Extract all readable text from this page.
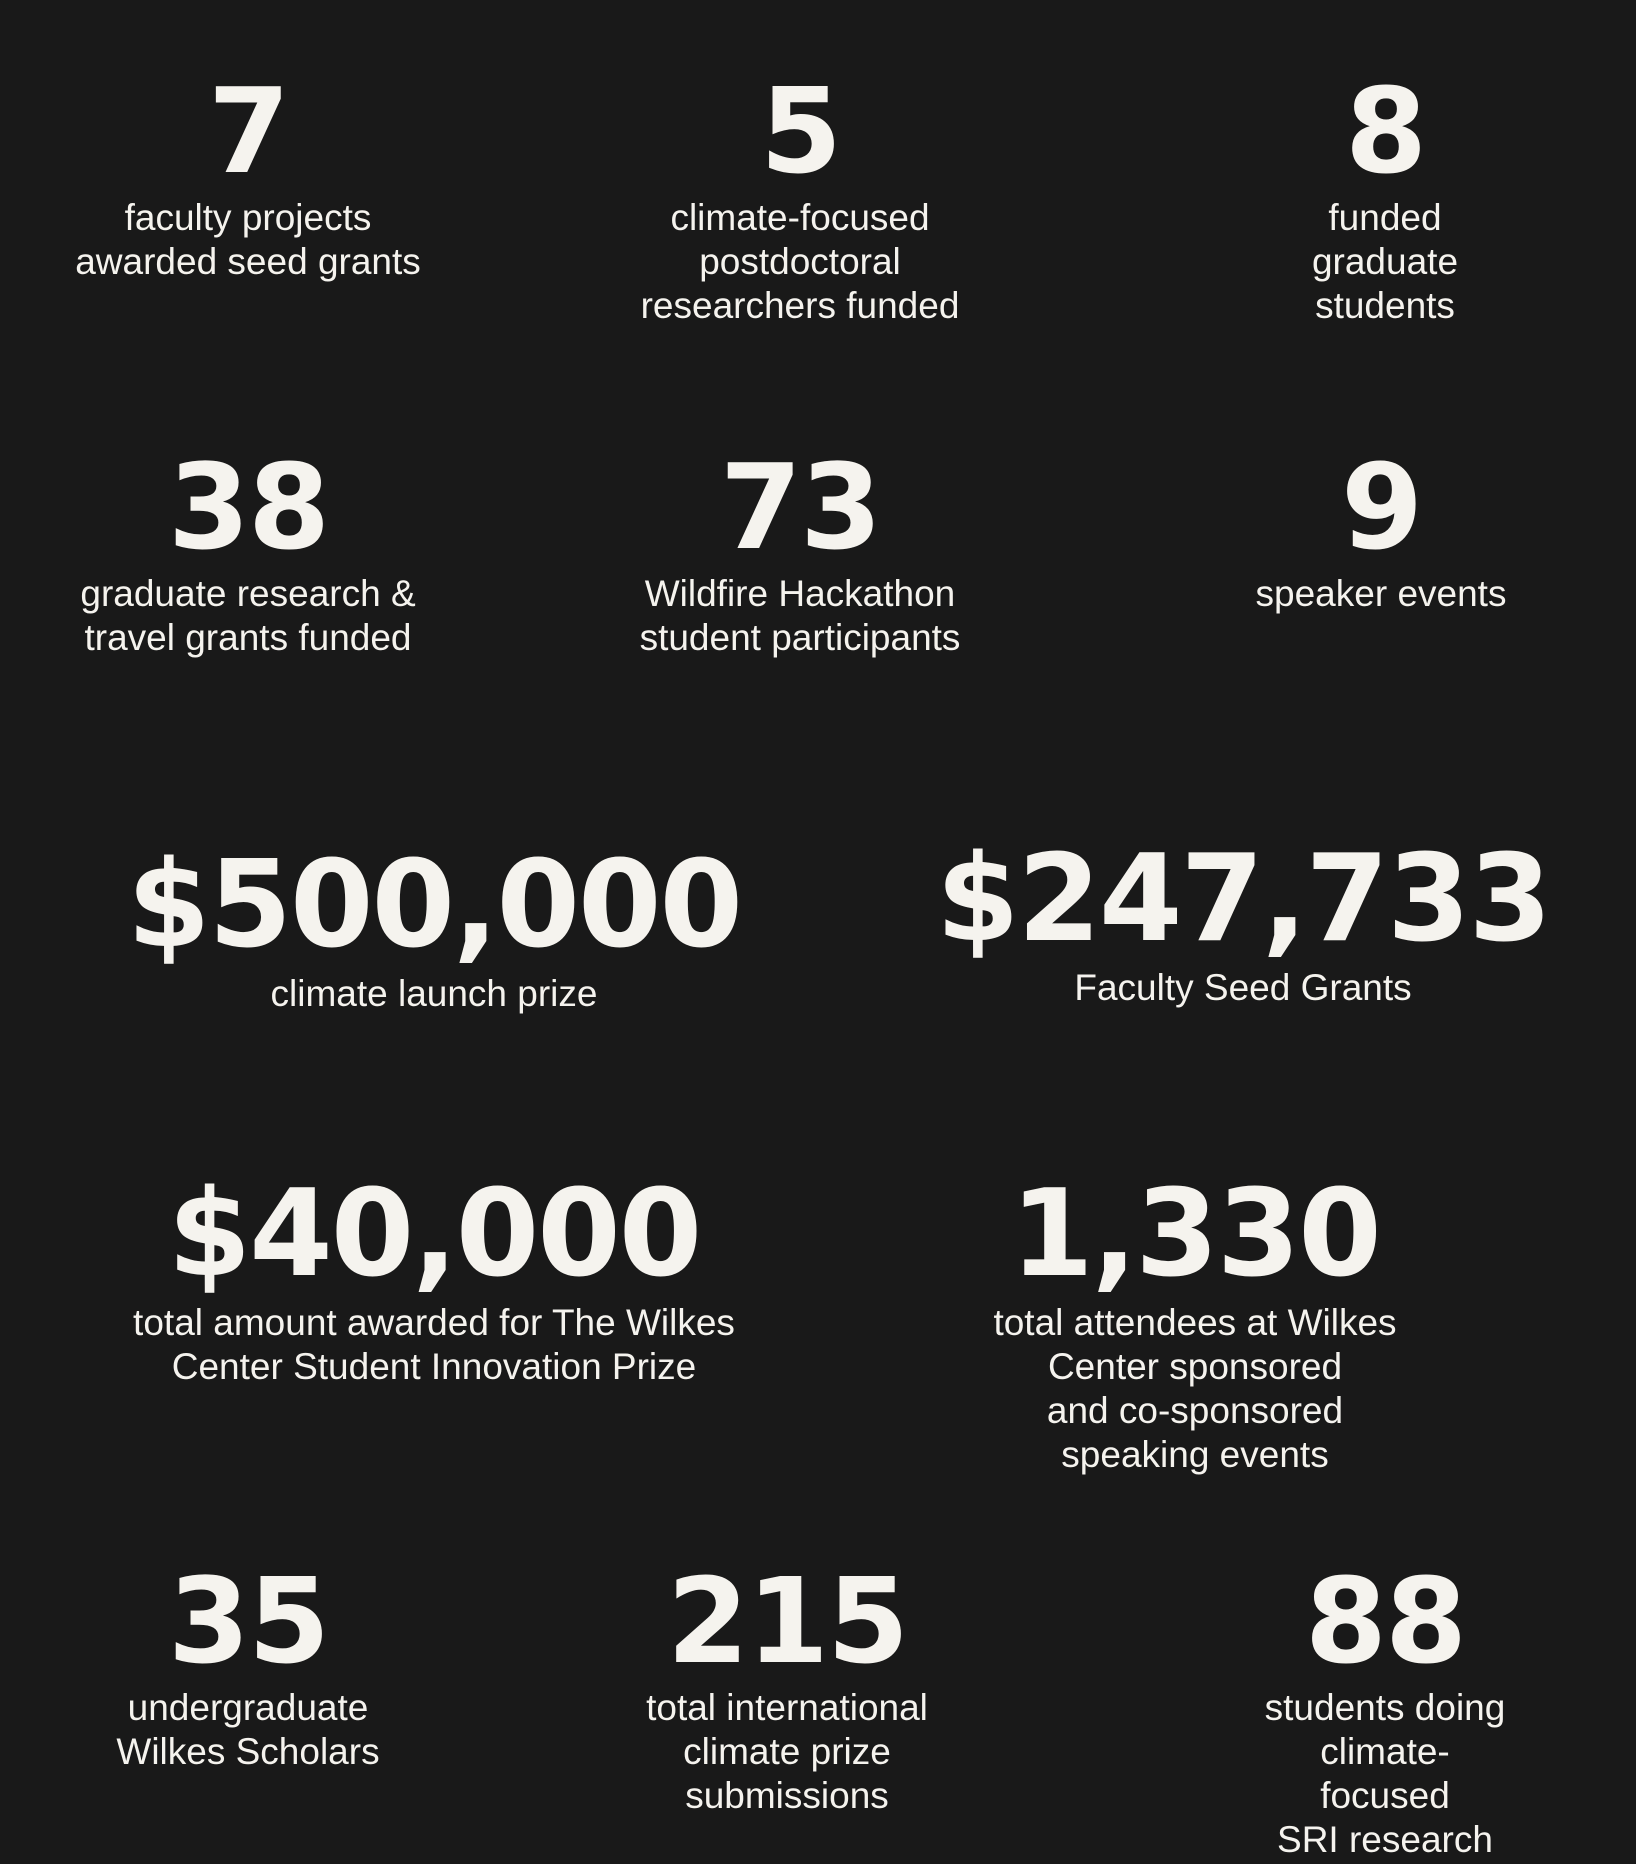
7
faculty projects
awarded seed grants
5
climate-focused
postdoctoral
researchers funded
8
funded graduate
students
38
graduate research &
travel grants funded
73
Wildfire Hackathon
student participants
9
speaker events
$500,000
climate launch prize
$247,733
Faculty Seed Grants
$40,000
total amount awarded for The Wilkes
Center Student Innovation Prize
1,330
total attendees at Wilkes Center sponsored
and co-sponsored speaking events
35
undergraduate
Wilkes Scholars
215
total international
climate prize
submissions
88
students doing
climate-focused
SRI research
